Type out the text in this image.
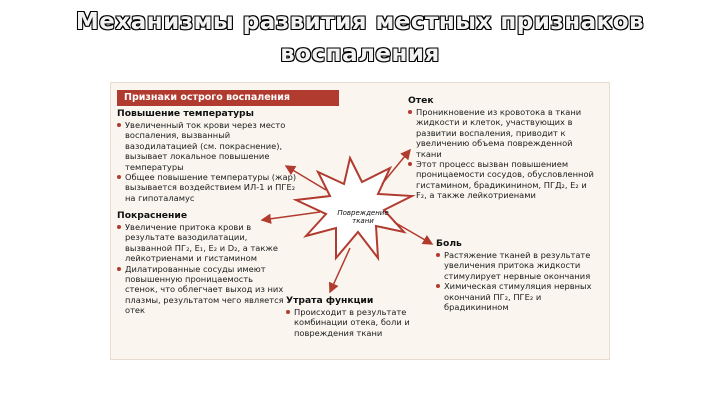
Механизмы развития местных признаков
воспаления
Признаки острого воспаления
Повреждение ткани
Повышение температуры
Увеличенный ток крови через место воспаления, вызванный вазодилатацией (см. покраснение), вызывает локальное повышение температуры
Общее повышение температуры (жар) вызывается воздействием ИЛ-1 и ПГЕ₂ на гипоталамус
Покраснение
Увеличение притока крови в результате вазодилатации, вызванной ПГ₂, Е₁, Е₂ и D₂, а также лейкотриенами и гистамином
Дилатированные сосуды имеют повышенную проницаемость стенок, что облегчает выход из них плазмы, результатом чего является отек
Утрата функции
Происходит в результате комбинации отека, боли и повреждения ткани
Отек
Проникновение из кровотока в ткани жидкости и клеток, участвующих в развитии воспаления, приводит к увеличению объема поврежденной ткани
Этот процесс вызван повышением проницаемости сосудов, обусловленной гистамином, брадикинином, ПГД₂, Е₂ и F₂, а также лейкотриенами
Боль
Растяжение тканей в результате увеличения притока жидкости стимулирует нервные окончания
Химическая стимуляция нервных окончаний ПГ₂, ПГЕ₂ и брадикинином
